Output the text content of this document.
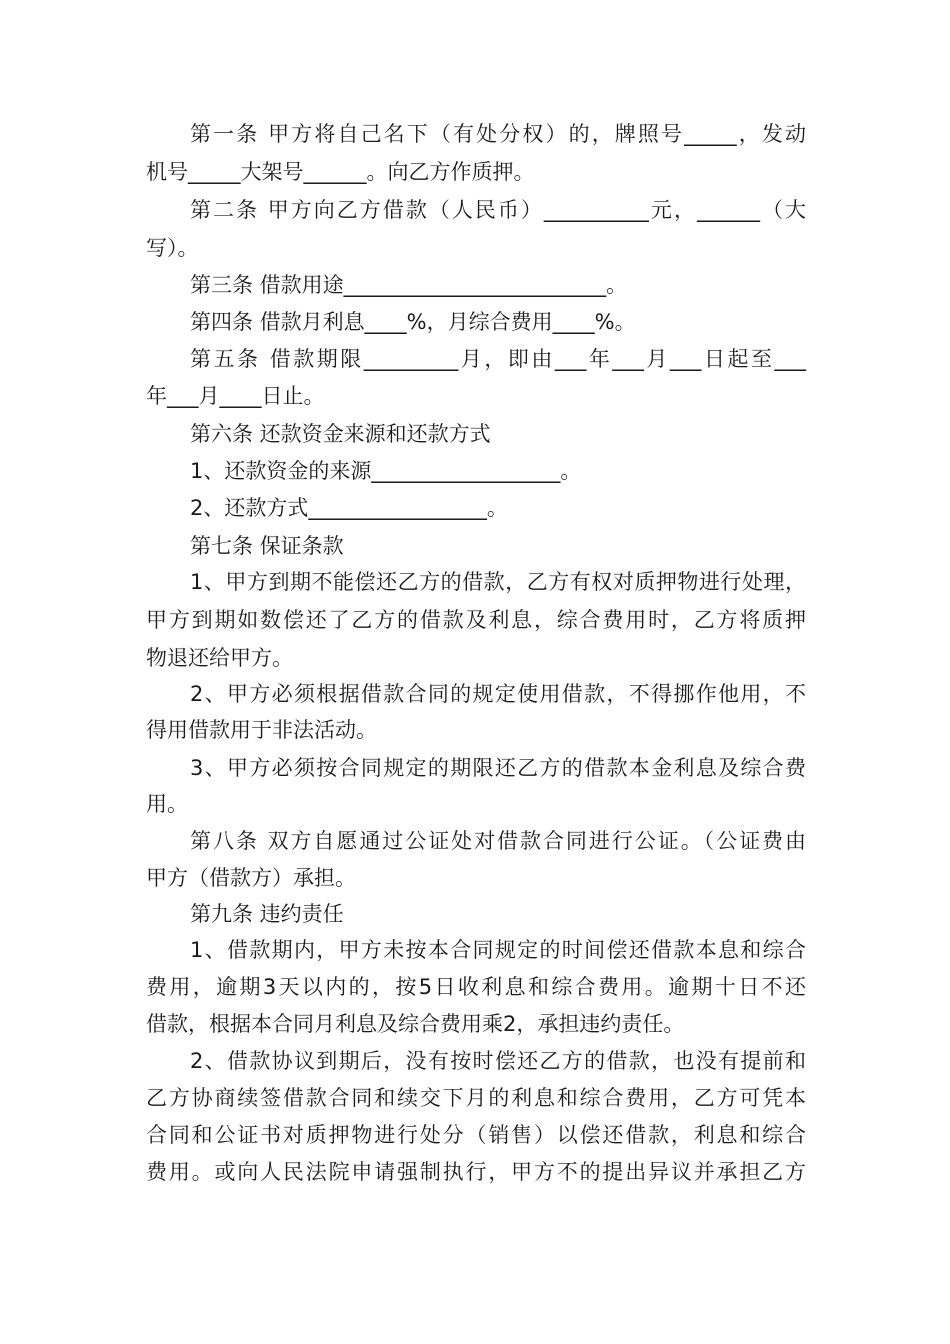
第一条 甲方将自己名下（有处分权）的，牌照号_____，发动
机号_____大架号______。向乙方作质押。
第二条 甲方向乙方借款（人民币）__________元，______（大
写）。
第三条 借款用途_________________________。
第四条 借款月利息____%，月综合费用____%。
第五条 借款期限_________月，即由___年___月___日起至___
年___月____日止。
第六条 还款资金来源和还款方式
1、还款资金的来源__________________。
2、还款方式_________________。
第七条 保证条款
1、甲方到期不能偿还乙方的借款，乙方有权对质押物进行处理，
甲方到期如数偿还了乙方的借款及利息，综合费用时，乙方将质押
物退还给甲方。
2、甲方必须根据借款合同的规定使用借款，不得挪作他用，不
得用借款用于非法活动。
3、甲方必须按合同规定的期限还乙方的借款本金利息及综合费
用。
第八条 双方自愿通过公证处对借款合同进行公证。（公证费由
甲方（借款方）承担。
第九条 违约责任
1、借款期内，甲方未按本合同规定的时间偿还借款本息和综合
费用，逾期3天以内的，按5日收利息和综合费用。逾期十日不还
借款，根据本合同月利息及综合费用乘2，承担违约责任。
2、借款协议到期后，没有按时偿还乙方的借款，也没有提前和
乙方协商续签借款合同和续交下月的利息和综合费用，乙方可凭本
合同和公证书对质押物进行处分（销售）以偿还借款，利息和综合
费用。或向人民法院申请强制执行，甲方不的提出异议并承担乙方
